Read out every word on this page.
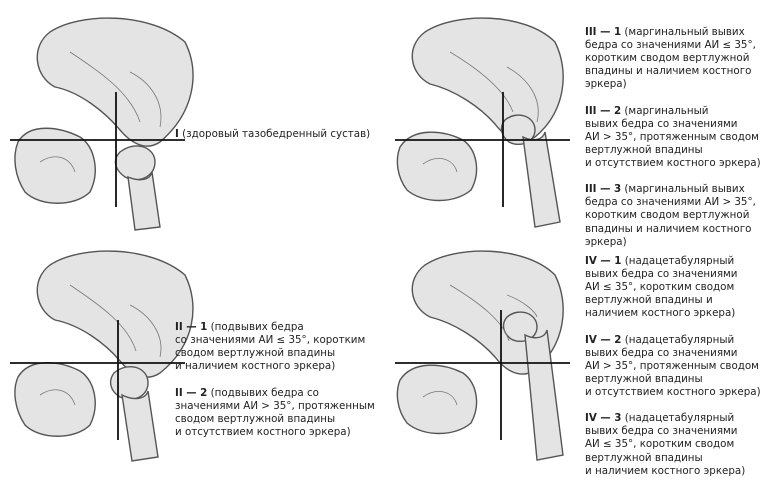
I (здоровый тазобедренный сустав)

III — 1 (маргинальный вывих
бедра со значениями АИ ≤ 35°,
коротким сводом вертлужной
впадины и наличием костного
эркера)

III — 2 (маргинальный
вывих бедра со значениями
АИ > 35°, протяженным сводом
вертлужной впадины
и отсутствием костного эркера)

III — 3 (маргинальный вывих
бедра со значениями АИ > 35°,
коротким сводом вертлужной
впадины и наличием костного
эркера)

II — 1 (подвывих бедра
со значениями АИ ≤ 35°, коротким
сводом вертлужной впадины
и наличием костного эркера)

II — 2 (подвывих бедра со
значениями АИ > 35°, протяженным
сводом вертлужной впадины
и отсутствием костного эркера)

IV — 1 (надацетабулярный
вывих бедра со значениями
АИ ≤ 35°, коротким сводом
вертлужной впадины и
наличием костного эркера)

IV — 2 (надацетабулярный
вывих бедра со значениями
АИ > 35°, протяженным сводом
вертлужной впадины
и отсутствием костного эркера)

IV — 3 (надацетабулярный
вывих бедра со значениями
АИ ≤ 35°, коротким сводом
вертлужной впадины
и наличием костного эркера)
